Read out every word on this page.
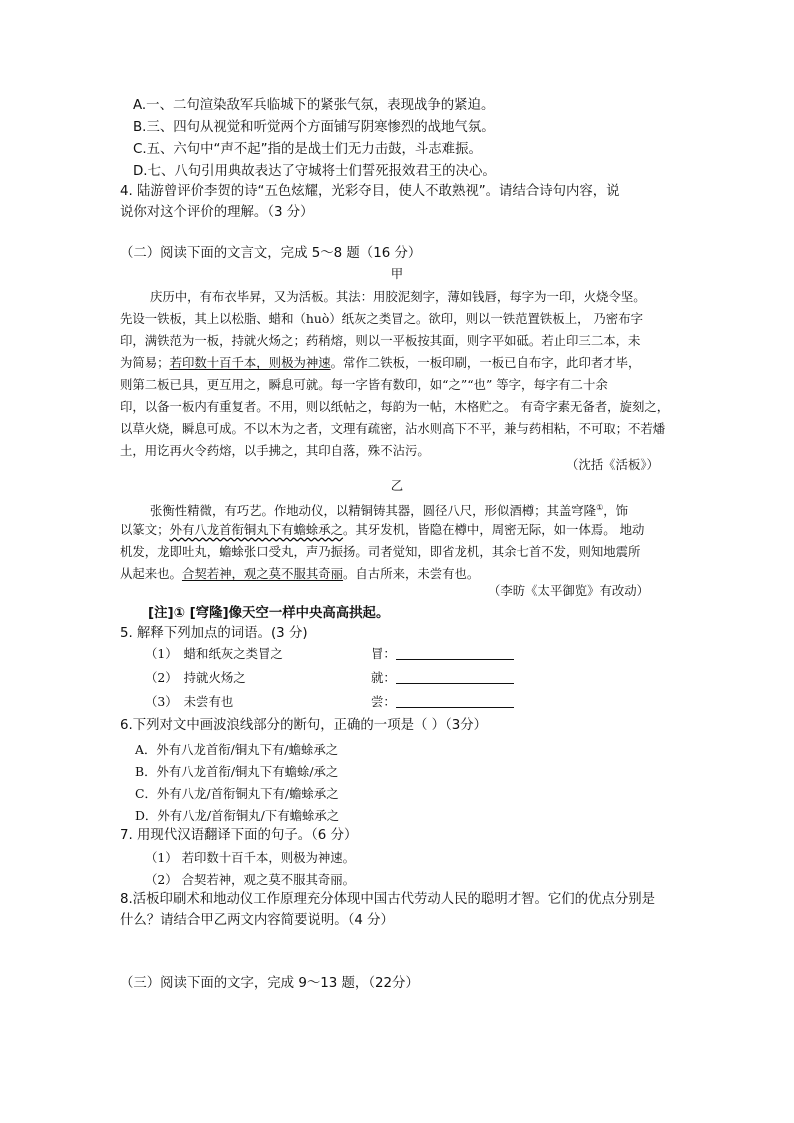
A.一、二句渲染敌军兵临城下的紧张气氛，表现战争的紧迫。
B.三、四句从视觉和听觉两个方面铺写阴寒惨烈的战地气氛。
C.五、六句中“声不起”指的是战士们无力击鼓，斗志难振。
D.七、八句引用典故表达了守城将士们誓死报效君王的决心。
4. 陆游曾评价李贺的诗“五色炫耀，光彩夺目，使人不敢熟视”。请结合诗句内容，说
说你对这个评价的理解。（3 分）
（二）阅读下面的文言文，完成 5～8 题（16 分）
甲
庆历中，有布衣毕昇，又为活板。其法：用胶泥刻字，薄如钱唇，每字为一印，火烧令坚。
先设一铁板，其上以松脂、蜡和（huò）纸灰之类冒之。欲印，则以一铁范置铁板上， 乃密布字
印，满铁范为一板，持就火炀之；药稍熔，则以一平板按其面，则字平如砥。若止印三二本，未
为简易；若印数十百千本，则极为神速。常作二铁板，一板印刷，一板已自布字，此印者才毕，
则第二板已具，更互用之，瞬息可就。每一字皆有数印，如“之”“也” 等字，每字有二十余
印，以备一板内有重复者。不用，则以纸帖之，每韵为一帖，木格贮之。 有奇字素无备者，旋刻之，
以草火烧，瞬息可成。不以木为之者，文理有疏密，沾水则高下不平，兼与药相粘，不可取；不若燔
土，用讫再火令药熔，以手拂之，其印自落，殊不沾污。
（沈括《活板》）
乙
张衡性精微，有巧艺。作地动仪，以精铜铸其器，圆径八尺，形似酒樽；其盖穹隆①，饰
以篆文；外有八龙首衔铜丸下有蟾蜍承之。其牙发机，皆隐在樽中，周密无际，如一体焉。 地动
机发，龙即吐丸，蟾蜍张口受丸，声乃振扬。司者觉知，即省龙机，其余七首不发，则知地震所
从起来也。合契若神，观之莫不服其奇丽。自古所来，未尝有也。
（李昉《太平御览》有改动）
[注]① [穹隆]像天空一样中央高高拱起。
5. 解释下列加点的词语。(3 分)
（1） 蜡和纸灰之类冒之	冒：
（2） 持就火炀之	就：
（3） 未尝有也	尝：
6.下列对文中画波浪线部分的断句，正确的一项是（ ）（3分）
A．外有八龙首衔/铜丸下有/蟾蜍承之
B．外有八龙首衔/铜丸下有蟾蜍/承之
C．外有八龙/首衔铜丸下有/蟾蜍承之
D．外有八龙/首衔铜丸/下有蟾蜍承之
7. 用现代汉语翻译下面的句子。（6 分）
（1） 若印数十百千本，则极为神速。
（2） 合契若神，观之莫不服其奇丽。
8.活板印刷术和地动仪工作原理充分体现中国古代劳动人民的聪明才智。它们的优点分别是
什么？请结合甲乙两文内容简要说明。（4 分）
（三）阅读下面的文字，完成 9～13 题，（22分）
